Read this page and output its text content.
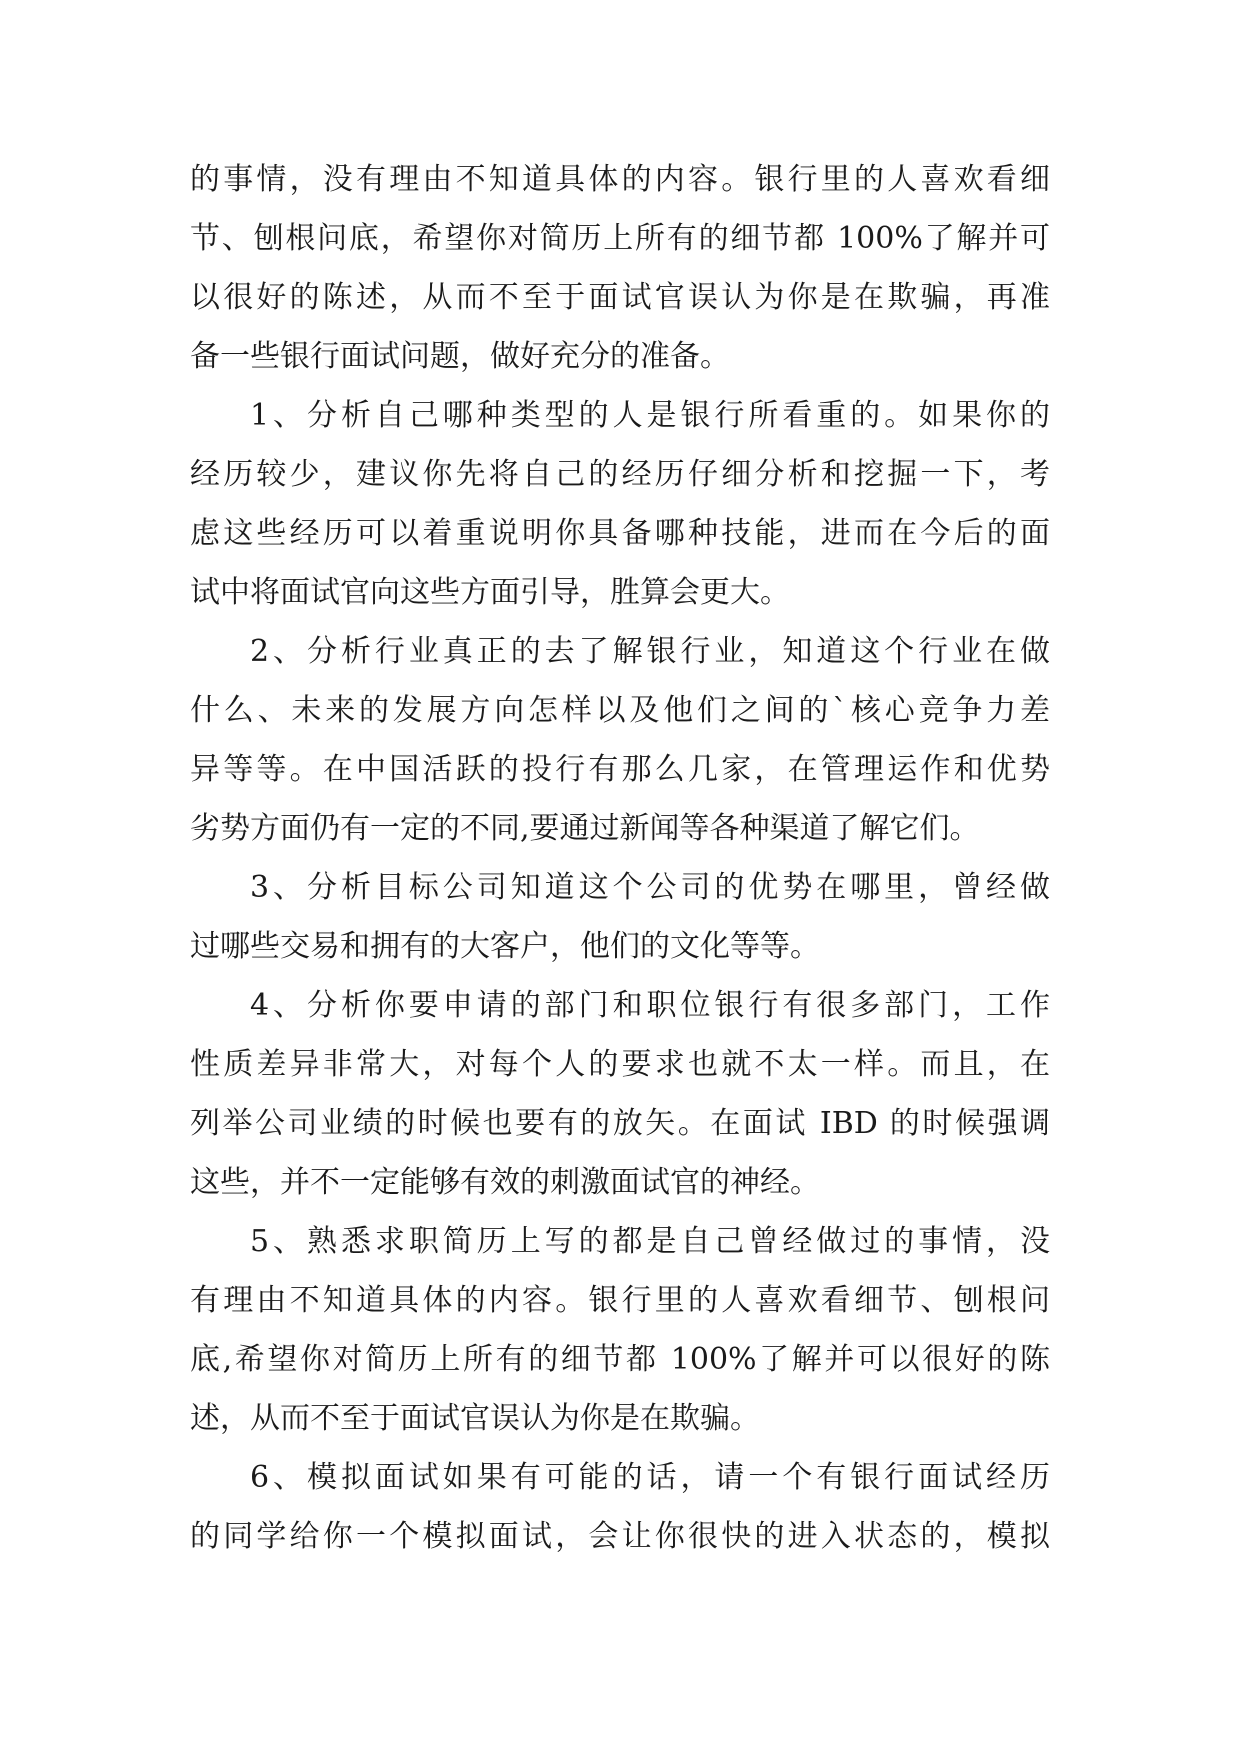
的事情，没有理由不知道具体的内容。银行里的人喜欢看细
节、刨根问底，希望你对简历上所有的细节都 100%了解并可
以很好的陈述，从而不至于面试官误认为你是在欺骗，再准
备一些银行面试问题，做好充分的准备。
1、分析自己哪种类型的人是银行所看重的。如果你的
经历较少，建议你先将自己的经历仔细分析和挖掘一下，考
虑这些经历可以着重说明你具备哪种技能，进而在今后的面
试中将面试官向这些方面引导，胜算会更大。
2、分析行业真正的去了解银行业，知道这个行业在做
什么、未来的发展方向怎样以及他们之间的`核心竞争力差
异等等。在中国活跃的投行有那么几家，在管理运作和优势
劣势方面仍有一定的不同,要通过新闻等各种渠道了解它们。
3、分析目标公司知道这个公司的优势在哪里，曾经做
过哪些交易和拥有的大客户，他们的文化等等。
4、分析你要申请的部门和职位银行有很多部门，工作
性质差异非常大，对每个人的要求也就不太一样。而且，在
列举公司业绩的时候也要有的放矢。在面试 IBD 的时候强调
这些，并不一定能够有效的刺激面试官的神经。
5、熟悉求职简历上写的都是自己曾经做过的事情，没
有理由不知道具体的内容。银行里的人喜欢看细节、刨根问
底,希望你对简历上所有的细节都 100%了解并可以很好的陈
述，从而不至于面试官误认为你是在欺骗。
6、模拟面试如果有可能的话，请一个有银行面试经历
的同学给你一个模拟面试，会让你很快的进入状态的，模拟
